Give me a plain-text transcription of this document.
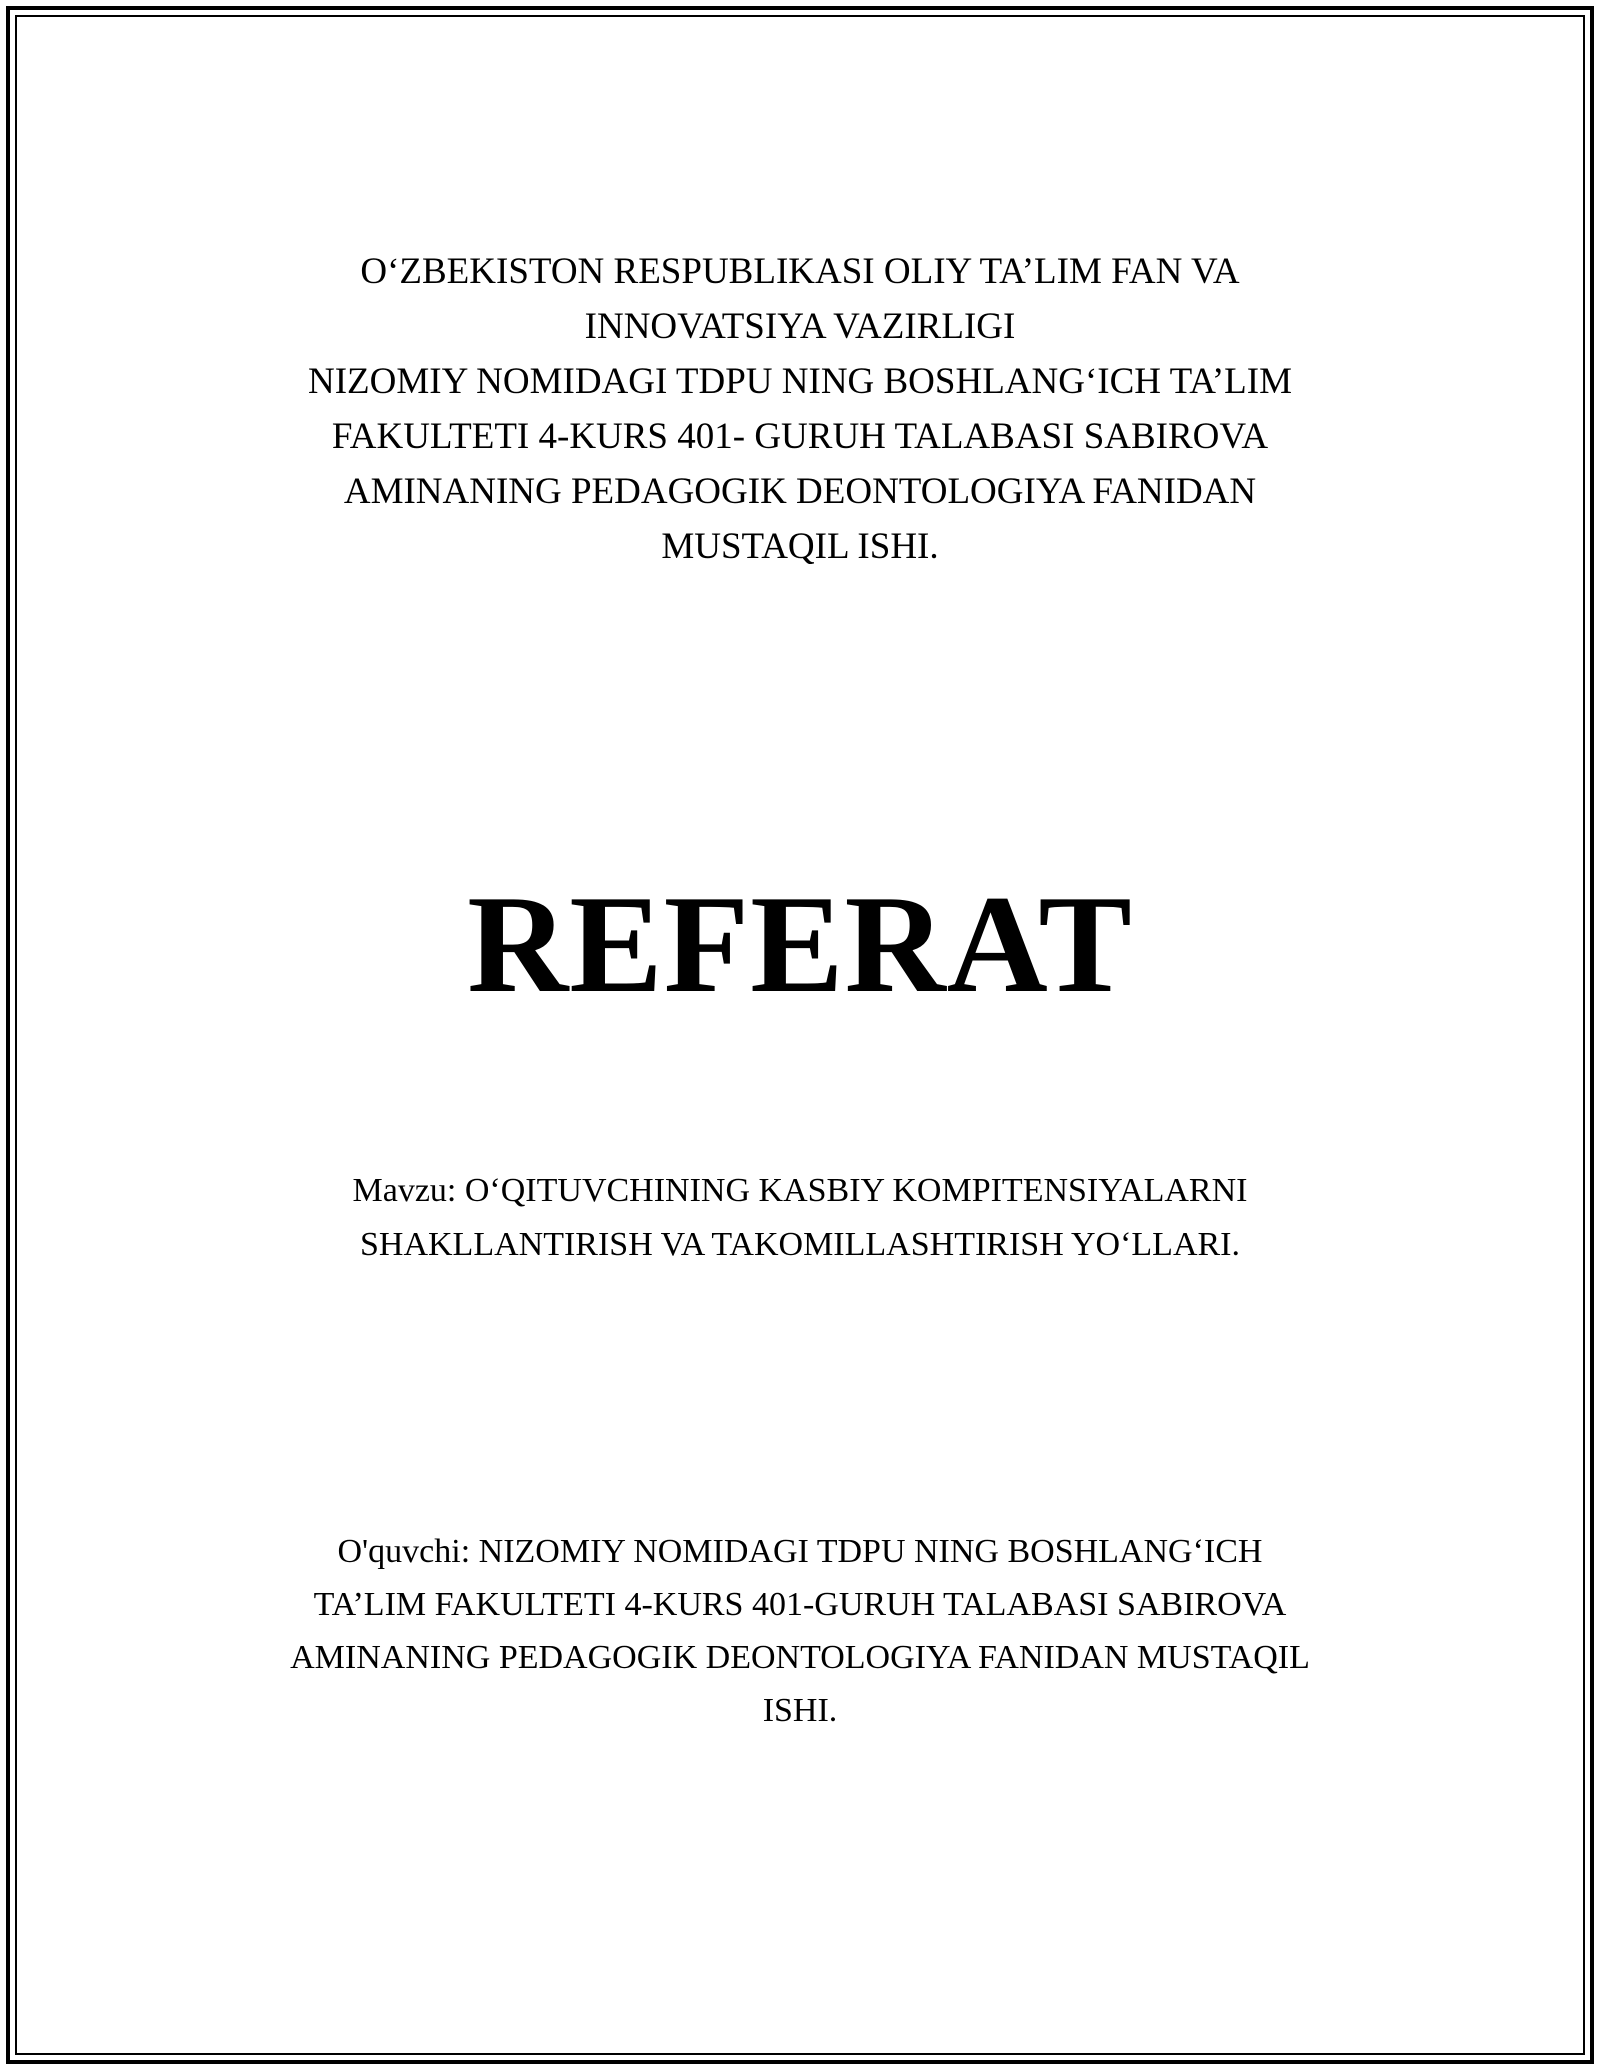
O‘ZBEKISTON RESPUBLIKASI OLIY TA’LIM FAN VA
INNOVATSIYA VAZIRLIGI
NIZOMIY NOMIDAGI TDPU NING BOSHLANG‘ICH TA’LIM
FAKULTETI 4-KURS 401- GURUH TALABASI SABIROVA
AMINANING PEDAGOGIK DEONTOLOGIYA FANIDAN
MUSTAQIL ISHI.
REFERAT
Mavzu: O‘QITUVCHINING KASBIY KOMPITENSIYALARNI
SHAKLLANTIRISH VA TAKOMILLASHTIRISH YO‘LLARI.
O'quvchi: NIZOMIY NOMIDAGI TDPU NING BOSHLANG‘ICH
TA’LIM FAKULTETI 4-KURS 401-GURUH TALABASI SABIROVA
AMINANING PEDAGOGIK DEONTOLOGIYA FANIDAN MUSTAQIL
ISHI.
